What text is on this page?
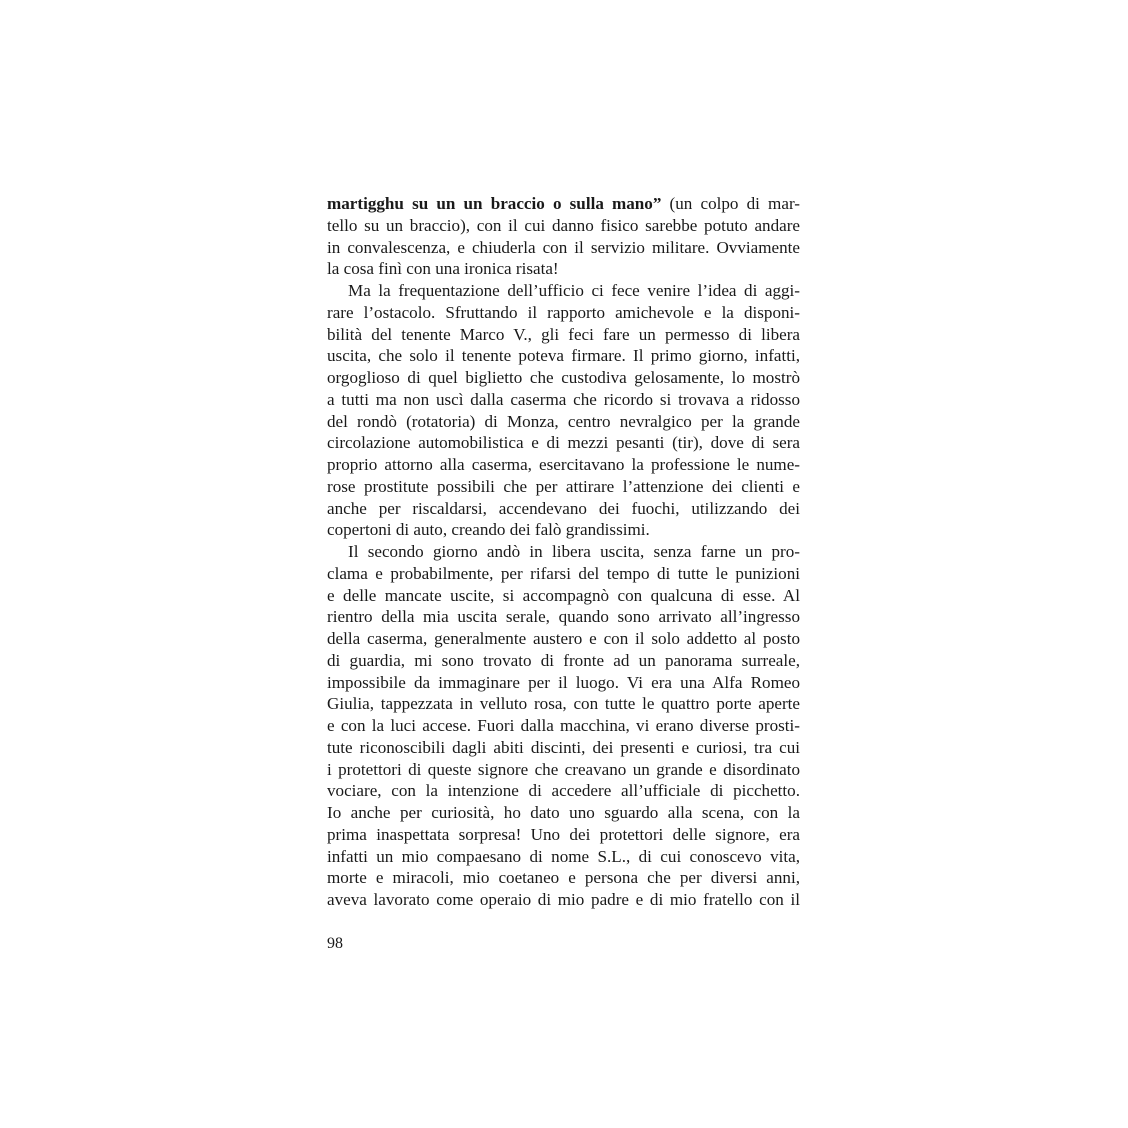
martigghu su un un braccio o sulla mano” (un colpo di mar-
tello su un braccio), con il cui danno fisico sarebbe potuto andare
in convalescenza, e chiuderla con il servizio militare. Ovviamente
la cosa finì con una ironica risata!
Ma la frequentazione dell’ufficio ci fece venire l’idea di aggi-
rare l’ostacolo. Sfruttando il rapporto amichevole e la disponi-
bilità del tenente Marco V., gli feci fare un permesso di libera
uscita, che solo il tenente poteva firmare. Il primo giorno, infatti,
orgoglioso di quel biglietto che custodiva gelosamente, lo mostrò
a tutti ma non uscì dalla caserma che ricordo si trovava a ridosso
del rondò (rotatoria) di Monza, centro nevralgico per la grande
circolazione automobilistica e di mezzi pesanti (tir), dove di sera
proprio attorno alla caserma, esercitavano la professione le nume-
rose prostitute possibili che per attirare l’attenzione dei clienti e
anche per riscaldarsi, accendevano dei fuochi, utilizzando dei
copertoni di auto, creando dei falò grandissimi.
Il secondo giorno andò in libera uscita, senza farne un pro-
clama e probabilmente, per rifarsi del tempo di tutte le punizioni
e delle mancate uscite, si accompagnò con qualcuna di esse. Al
rientro della mia uscita serale, quando sono arrivato all’ingresso
della caserma, generalmente austero e con il solo addetto al posto
di guardia, mi sono trovato di fronte ad un panorama surreale,
impossibile da immaginare per il luogo. Vi era una Alfa Romeo
Giulia, tappezzata in velluto rosa, con tutte le quattro porte aperte
e con la luci accese. Fuori dalla macchina, vi erano diverse prosti-
tute riconoscibili dagli abiti discinti, dei presenti e curiosi, tra cui
i protettori di queste signore che creavano un grande e disordinato
vociare, con la intenzione di accedere all’ufficiale di picchetto.
Io anche per curiosità, ho dato uno sguardo alla scena, con la
prima inaspettata sorpresa! Uno dei protettori delle signore, era
infatti un mio compaesano di nome S.L., di cui conoscevo vita,
morte e miracoli, mio coetaneo e persona che per diversi anni,
aveva lavorato come operaio di mio padre e di mio fratello con il
98
